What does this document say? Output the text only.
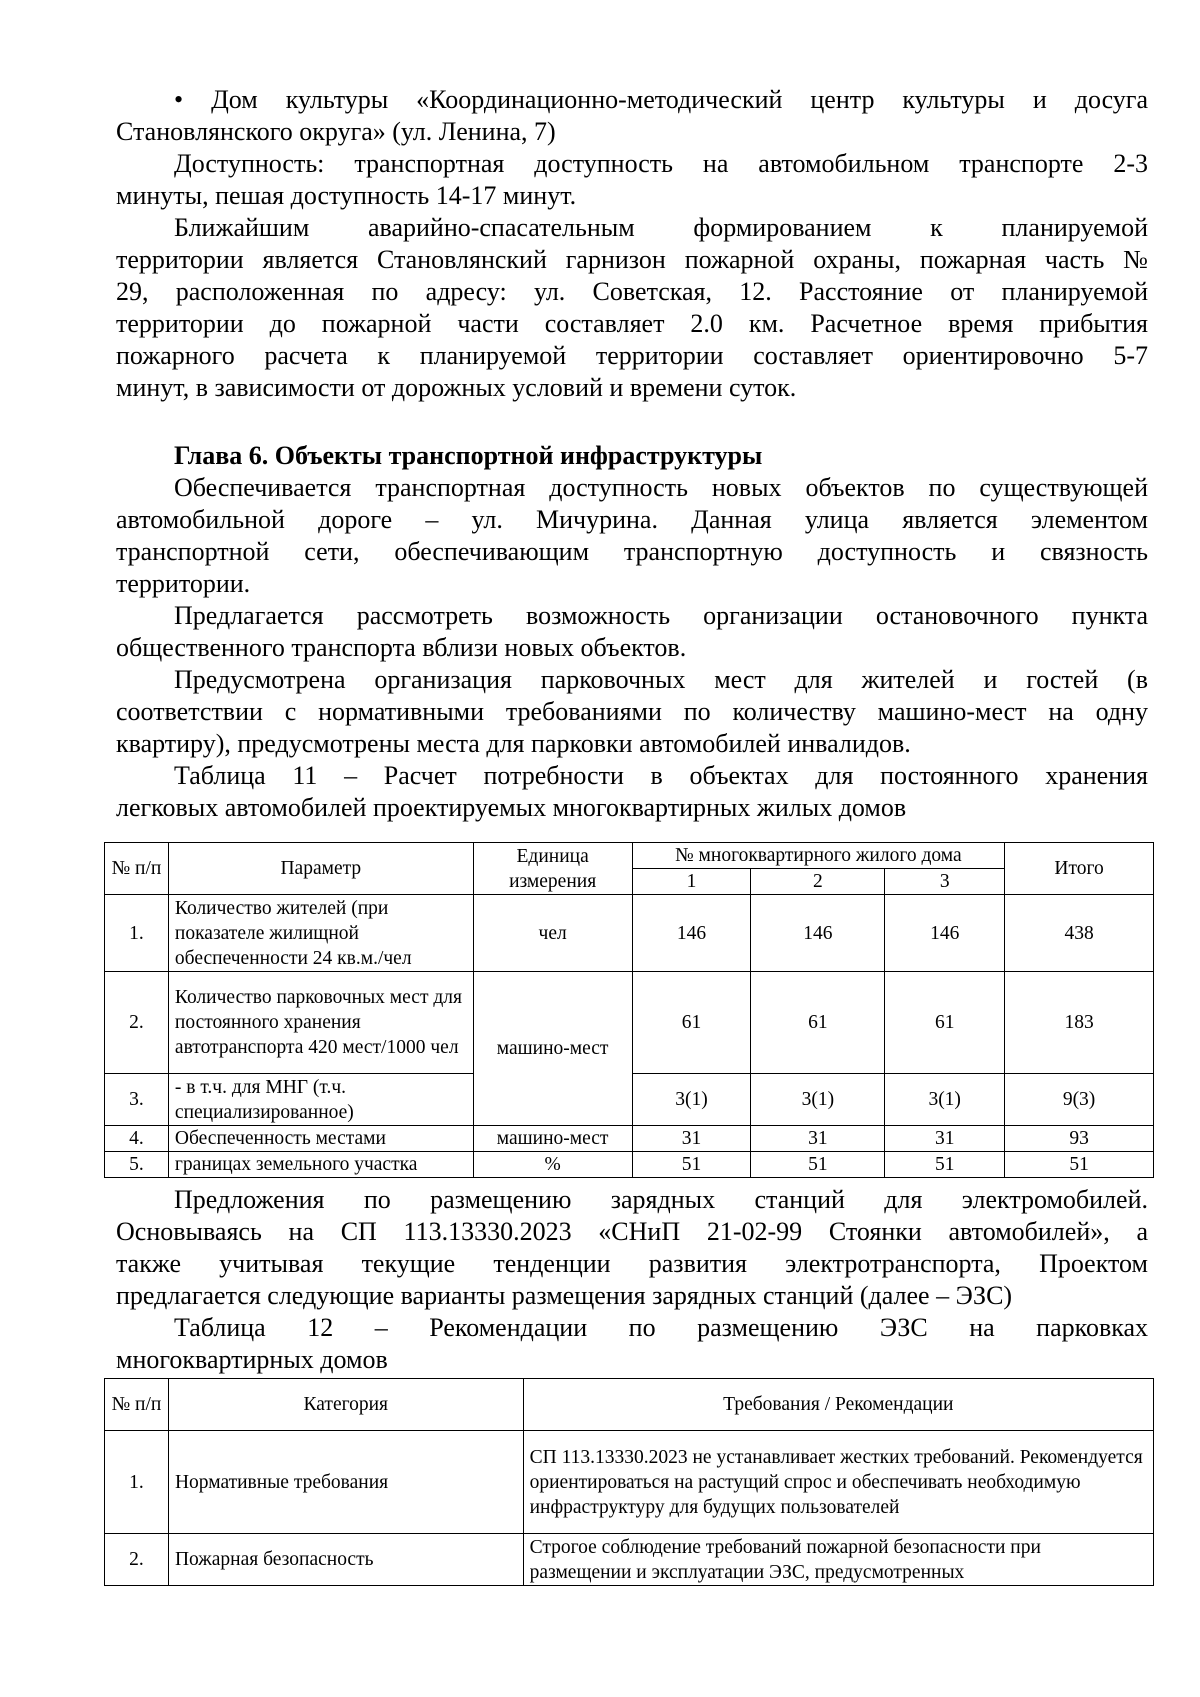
• Дом культуры «Координационно-методический центр культуры и досуга
Становлянского округа» (ул. Ленина, 7)
Доступность: транспортная доступность на автомобильном транспорте 2-3
минуты, пешая доступность 14-17 минут.
Ближайшим аварийно-спасательным формированием к планируемой
территории является Становлянский гарнизон пожарной охраны, пожарная часть №
29, расположенная по адресу: ул. Советская, 12. Расстояние от планируемой
территории до пожарной части составляет 2.0 км. Расчетное время прибытия
пожарного расчета к планируемой территории составляет ориентировочно 5-7
минут, в зависимости от дорожных условий и времени суток.
Глава 6. Объекты транспортной инфраструктуры
Обеспечивается транспортная доступность новых объектов по существующей
автомобильной дороге – ул. Мичурина. Данная улица является элементом
транспортной сети, обеспечивающим транспортную доступность и связность
территории.
Предлагается рассмотреть возможность организации остановочного пункта
общественного транспорта вблизи новых объектов.
Предусмотрена организация парковочных мест для жителей и гостей (в
соответствии с нормативными требованиями по количеству машино-мест на одну
квартиру), предусмотрены места для парковки автомобилей инвалидов.
Таблица 11 – Расчет потребности в объектах для постоянного хранения
легковых автомобилей проектируемых многоквартирных жилых домов
№ п/п	Параметр	Единица измерения	№ многоквартирного жилого дома			Итого
			1	2	3	
1.	Количество жителей (при показателе жилищной обеспеченности 24 кв.м./чел	чел	146	146	146	438
2.	Количество парковочных мест для постоянного хранения автотранспорта 420 мест/1000 чел	машино-мест	61	61	61	183
3.	- в т.ч. для МНГ (т.ч. специализированное)		3(1)	3(1)	3(1)	9(3)
4.	Обеспеченность местами	машино-мест	31	31	31	93
5.	границах земельного участка	%	51	51	51	51
Предложения по размещению зарядных станций для электромобилей.
Основываясь на СП 113.13330.2023 «СНиП 21-02-99 Стоянки автомобилей», а
также учитывая текущие тенденции развития электротранспорта, Проектом
предлагается следующие варианты размещения зарядных станций (далее – ЭЗС)
Таблица 12 – Рекомендации по размещению ЭЗС на парковках
многоквартирных домов
№ п/п	Категория	Требования / Рекомендации
1.	Нормативные требования	СП 113.13330.2023 не устанавливает жестких требований. Рекомендуется ориентироваться на растущий спрос и обеспечивать необходимую инфраструктуру для будущих пользователей
2.	Пожарная безопасность	Строгое соблюдение требований пожарной безопасности при размещении и эксплуатации ЭЗС, предусмотренных
